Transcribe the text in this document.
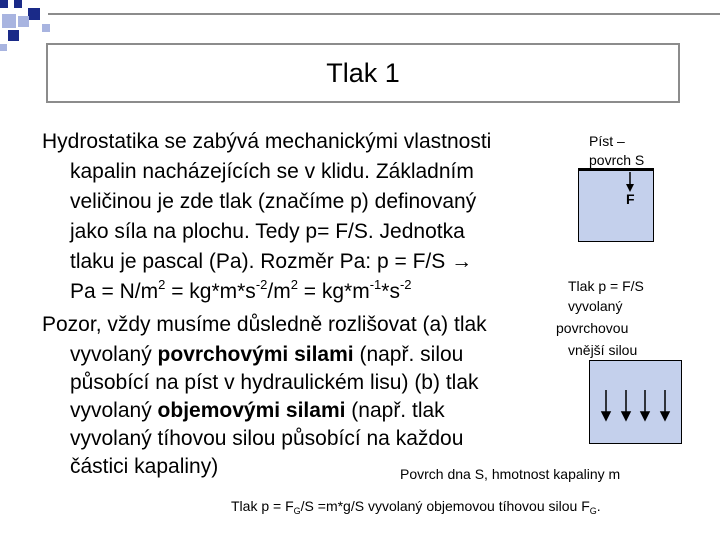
Tlak 1
Hydrostatika se zabývá mechanickými vlastnosti
kapalin nacházejících se v klidu. Základním
veličinou je zde tlak (značíme p) definovaný
jako síla na plochu. Tedy p= F/S. Jednotka
tlaku je pascal (Pa). Rozměr Pa: p = F/S →
$Pa = N/m^2 = kg*m*s^{-2}/m^2 = kg*m^{-1}*s^{-2}$
Pozor, vždy musíme důsledně rozlišovat (a) tlak
vyvolaný povrchovými silami (např. silou
působící na píst v hydraulickém lisu) (b) tlak
vyvolaný objemovými silami (např. tlak
vyvolaný tíhovou silou působící na každou
částici kapaliny)
Píst –
povrch S
F
Tlak p = F/S
vyvolaný
povrchovou
vnější silou
Povrch dna S, hmotnost kapaliny m
Tlak $p = F_G/S =m*g/S$ vyvolaný objemovou tíhovou silou $F_G$.
